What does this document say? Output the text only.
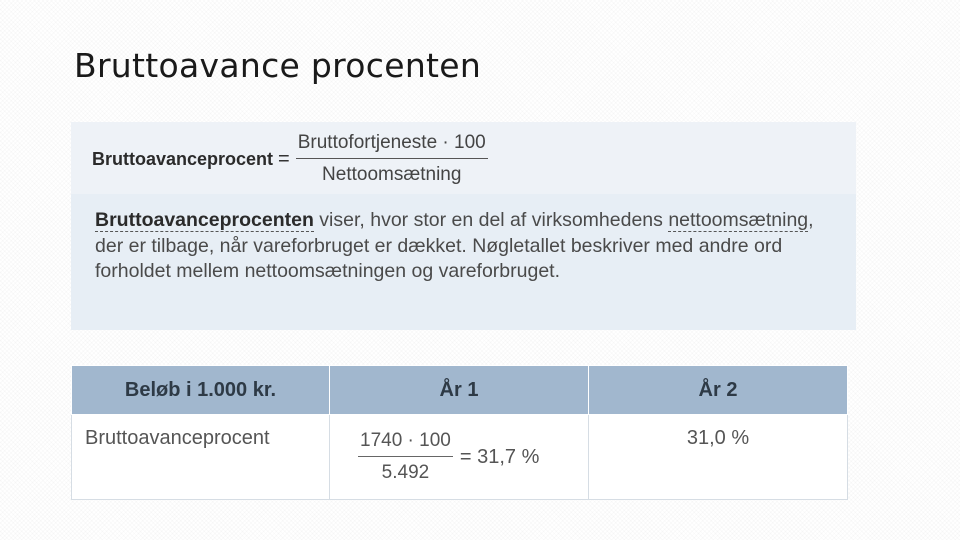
Bruttoavance procenten
Bruttoavanceprocent = $\frac{\text{Bruttofortjeneste · 100}}{\text{Nettoomsætning}}$

Bruttoavanceprocenten viser, hvor stor en del af virksomhedens nettoomsætning, der er tilbage, når vareforbruget er dækket. Nøgletallet beskriver med andre ord forholdet mellem nettoomsætningen og vareforbruget.

Beløb i 1.000 kr.	År 1	År 2
Bruttoavanceprocent	$\frac{1740 \cdot 100}{5.492} = 31,7$ %	31,0 %
